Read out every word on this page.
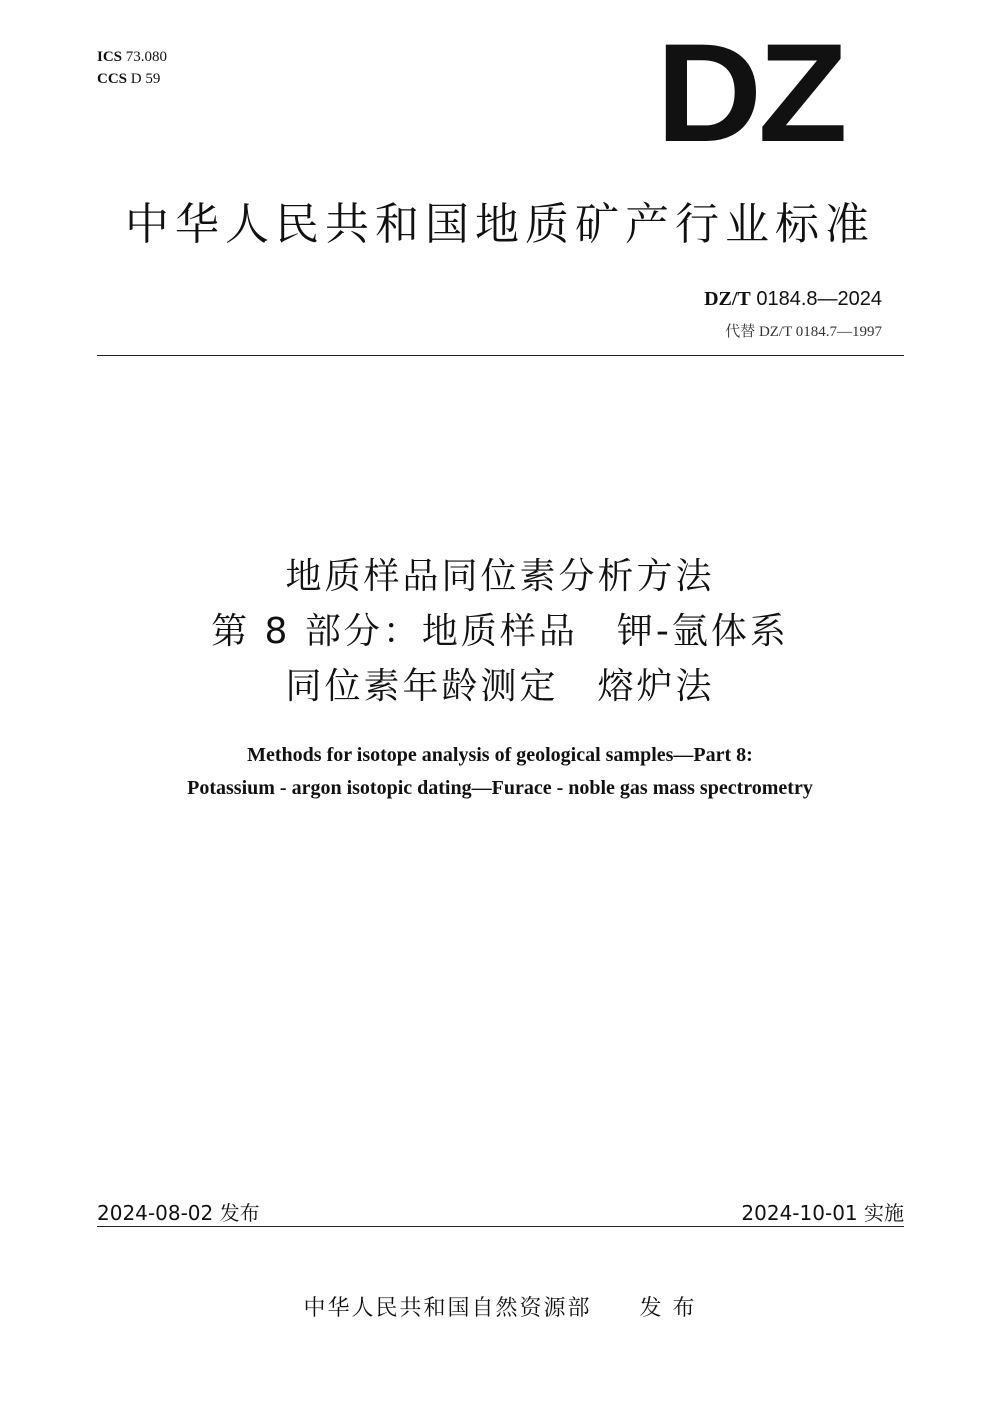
ICS 73.080
CCS D 59	DZ
中华人民共和国地质矿产行业标准
DZ/T 0184.8—2024
代替 DZ/T 0184.7—1997
地质样品同位素分析方法
第 8 部分：地质样品　钾-氩体系
同位素年龄测定　熔炉法
Methods for isotope analysis of geological samples—Part 8:
Potassium - argon isotopic dating—Furace - noble gas mass spectrometry
2024-08-02 发布	2024-10-01 实施
中华人民共和国自然资源部 发 布
